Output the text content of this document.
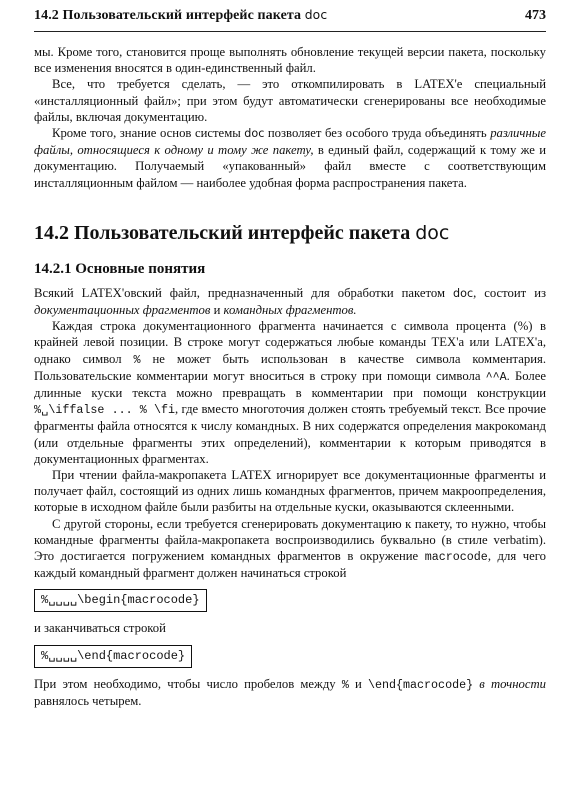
14.2 Пользовательский интерфейс пакета doc	473

мы. Кроме того, становится проще выполнять обновление текущей версии пакета, поскольку все изменения вносятся в один-единственный файл.

Все, что требуется сделать, — это откомпилировать в LATEX'е специальный «инсталляционный файл»; при этом будут автоматически сгенерированы все необходимые файлы, включая документацию.

Кроме того, знание основ системы doc позволяет без особого труда объединять различные файлы, относящиеся к одному и тому же пакету, в единый файл, содержащий к тому же и документацию. Получаемый «упакованный» файл вместе с соответствующим инсталляционным файлом — наиболее удобная форма распространения пакета.

14.2 Пользовательский интерфейс пакета doc
14.2.1 Основные понятия

Всякий LATEX'овский файл, предназначенный для обработки пакетом doc, состоит из документационных фрагментов и командных фрагментов.

Каждая строка документационного фрагмента начинается с символа процента (%) в крайней левой позиции. В строке могут содержаться любые команды TEX'а или LATEX'а, однако символ % не может быть использован в качестве символа комментария. Пользовательские комментарии могут вноситься в строку при помощи символа ^^A. Более длинные куски текста можно превращать в комментарии при помощи конструкции %␣\iffalse ... % \fi, где вместо многоточия должен стоять требуемый текст. Все прочие фрагменты файла относятся к числу командных. В них содержатся определения макрокоманд (или отдельные фрагменты этих определений), комментарии к которым приводятся в документационных фрагментах.

При чтении файла-макропакета LATEX игнорирует все документационные фрагменты и получает файл, состоящий из одних лишь командных фрагментов, причем макроопределения, которые в исходном файле были разбиты на отдельные куски, оказываются склеенными.

С другой стороны, если требуется сгенерировать документацию к пакету, то нужно, чтобы командные фрагменты файла-макропакета воспроизводились буквально (в стиле verbatim). Это достигается погружением командных фрагментов в окружение macrocode, для чего каждый командный фрагмент должен начинаться строкой

%␣␣␣␣\begin{macrocode}

и заканчиваться строкой

%␣␣␣␣\end{macrocode}

При этом необходимо, чтобы число пробелов между % и \end{macrocode} в точности равнялось четырем.
